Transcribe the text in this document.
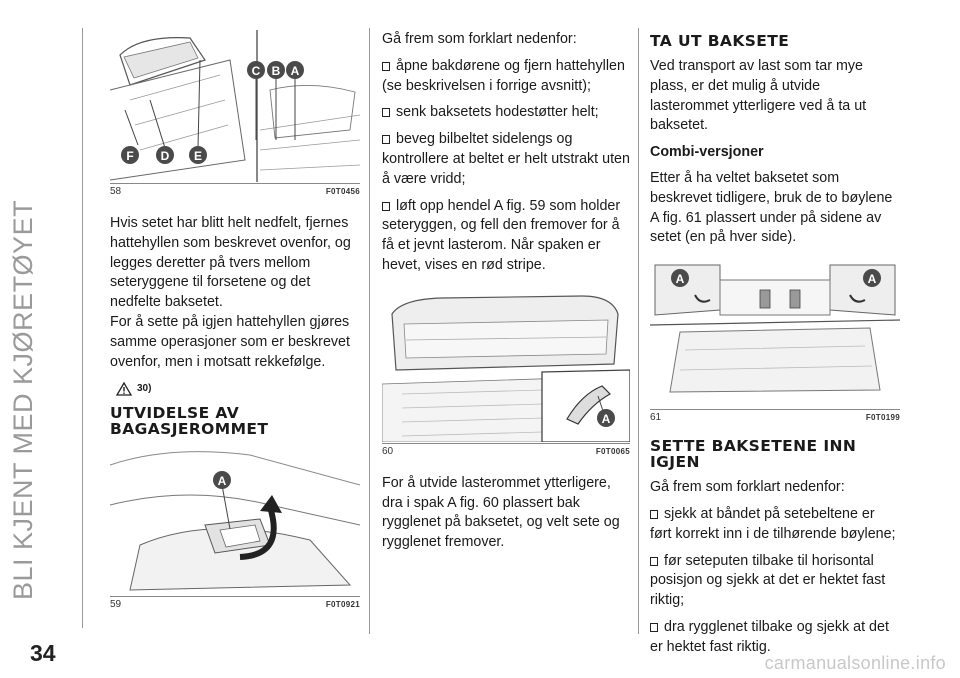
BLI KJENT MED KJØRETØYET
34
C B A
F D E
58	F0T0456

Hvis setet har blitt helt nedfelt, fjernes hattehyllen som beskrevet ovenfor, og legges deretter på tvers mellom seteryggene til forsetene og det nedfelte baksetet.

For å sette på igjen hattehyllen gjøres samme operasjoner som er beskrevet ovenfor, men i motsatt rekkefølge.

30)
UTVIDELSE AV BAGASJEROMMET
A
59	F0T0921

Gå frem som forklart nedenfor:

åpne bakdørene og fjern hattehyllen (se beskrivelsen i forrige avsnitt);

senk baksetets hodestøtter helt;

beveg bilbeltet sidelengs og kontrollere at beltet er helt utstrakt uten å være vridd;

løft opp hendel A fig. 59 som holder seteryggen, og fell den fremover for å få et jevnt lasterom. Når spaken er hevet, vises en rød stripe.

A
60	F0T0065

For å utvide lasterommet ytterligere, dra i spak A fig. 60 plassert bak rygglenet på baksetet, og velt sete og rygglenet fremover.

TA UT BAKSETE

Ved transport av last som tar mye plass, er det mulig å utvide lasterommet ytterligere ved å ta ut baksetet.

Combi-versjoner

Etter å ha veltet baksetet som beskrevet tidligere, bruk de to bøylene A fig. 61 plassert under på sidene av setet (en på hver side).

A	A
61	F0T0199
SETTE BAKSETENE INN IGJEN

Gå frem som forklart nedenfor:

sjekk at båndet på setebeltene er ført korrekt inn i de tilhørende bøylene;

før seteputen tilbake til horisontal posisjon og sjekk at det er hektet fast riktig;

dra rygglenet tilbake og sjekk at det er hektet fast riktig.

carmanualsonline.info
